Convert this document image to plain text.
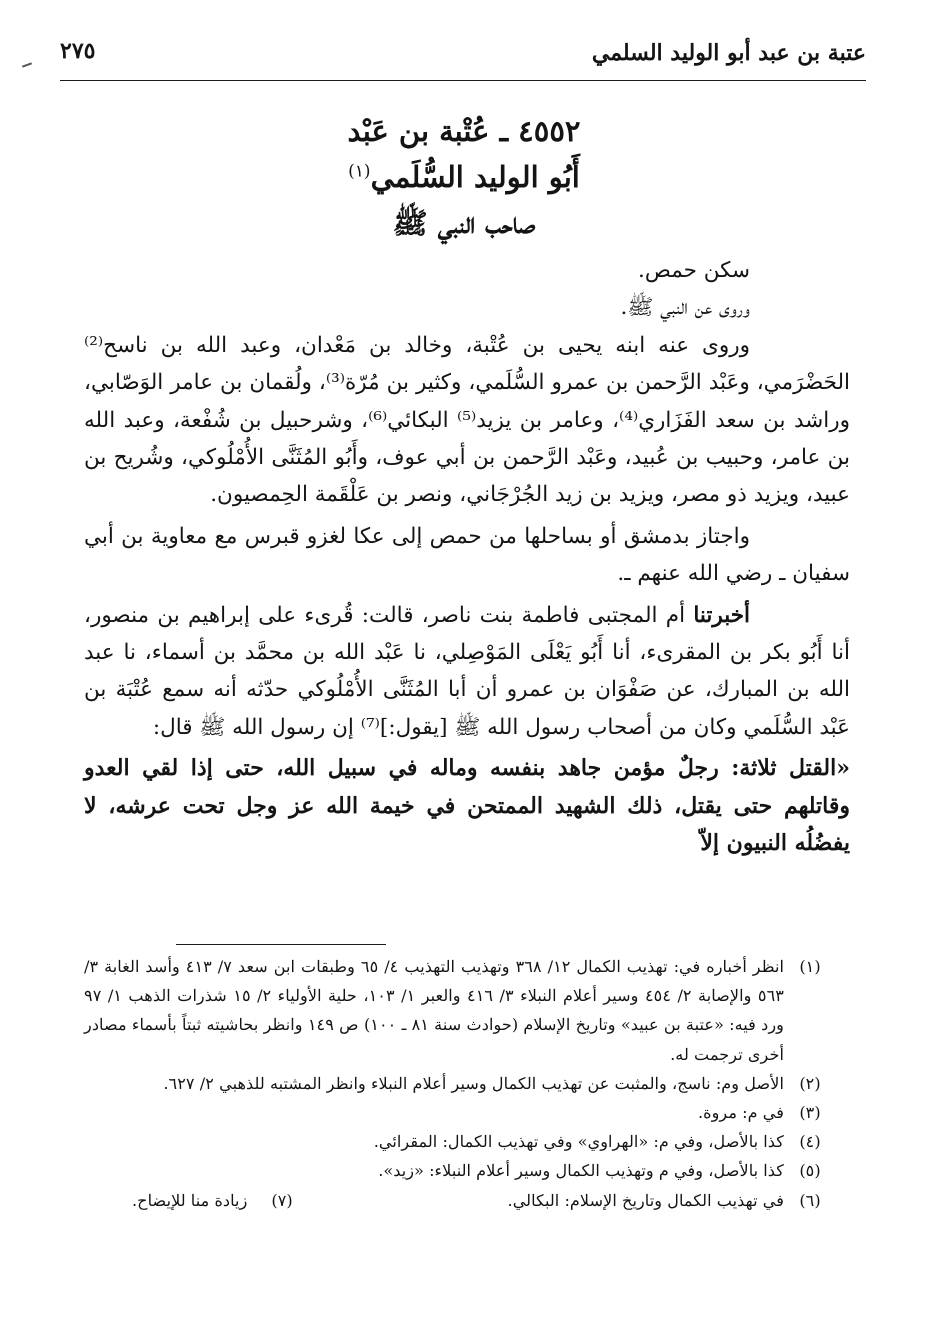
عتبة بن عبد أبو الوليد السلمي
٢٧٥
٤٥٥٢ ـ عُتْبة بن عَبْد
أَبُو الوليد السُّلَمي$^{(١)}$
صاحب النبي ﷺ

سكن حمص.

وروى عن النبي ﷺ.

وروى عنه ابنه يحيى بن عُتْبة، وخالد بن مَعْدان، وعبد الله بن ناسح⁽²⁾ الحَضْرَمي، وعَبْد الرَّحمن بن عمرو السُّلَمي، وكثير بن مُرّة⁽³⁾، ولُقمان بن عامر الوَصّابي، وراشد بن سعد الفَزَاري⁽⁴⁾، وعامر بن يزيد⁽⁵⁾ البكائي⁽⁶⁾، وشرحبيل بن شُفْعة، وعبد الله بن عامر، وحبيب بن عُبيد، وعَبْد الرَّحمن بن أبي عوف، وأَبُو المُثَنَّى الأُمْلُوكي، وشُريح بن عبيد، ويزيد ذو مصر، ويزيد بن زيد الجُرْجَاني، ونصر بن عَلْقَمة الحِمصيون.

واجتاز بدمشق أو بساحلها من حمص إلى عكا لغزو قبرس مع معاوية بن أبي سفيان ـ رضي الله عنهم ـ.

أخبرتنا أم المجتبى فاطمة بنت ناصر، قالت: قُرىء على إبراهيم بن منصور، أنا أَبُو بكر بن المقرىء، أنا أَبُو يَعْلَى المَوْصِلي، نا عَبْد الله بن محمَّد بن أسماء، نا عبد الله بن المبارك، عن صَفْوَان بن عمرو أن أبا المُثَنَّى الأُمْلُوكي حدّثه أنه سمع عُتْبَة بن عَبْد السُّلَمي وكان من أصحاب رسول الله ﷺ [يقول:]⁽⁷⁾ إن رسول الله ﷺ قال:

«القتل ثلاثة: رجلٌ مؤمن جاهد بنفسه وماله في سبيل الله، حتى إذا لقي العدو وقاتلهم حتى يقتل، ذلك الشهيد الممتحن في خيمة الله عز وجل تحت عرشه، لا يفضُلُه النبيون إلاّ

(١)
انظر أخباره في: تهذيب الكمال ١٢/ ٣٦٨ وتهذيب التهذيب ٤/ ٦٥ وطبقات ابن سعد ٧/ ٤١٣ وأسد الغابة ٣/ ٥٦٣ والإصابة ٢/ ٤٥٤ وسير أعلام النبلاء ٣/ ٤١٦ والعبر ١/ ١٠٣، حلية الأولياء ٢/ ١٥ شذرات الذهب ١/ ٩٧ ورد فيه: «عتبة بن عبيد» وتاريخ الإسلام (حوادث سنة ٨١ ـ ١٠٠) ص ١٤٩ وانظر بحاشيته ثبتاً بأسماء مصادر أخرى ترجمت له.
(٢)
الأصل وم: ناسج، والمثبت عن تهذيب الكمال وسير أعلام النبلاء وانظر المشتبه للذهبي ٢/ ٦٢٧.
(٣)
في م: مروة.
(٤)
كذا بالأصل، وفي م: «الهراوي» وفي تهذيب الكمال: المقرائي.
(٥)
كذا بالأصل، وفي م وتهذيب الكمال وسير أعلام النبلاء: «زيد».
(٦)
في تهذيب الكمال وتاريخ الإسلام: البكالي.
(٧)زيادة منا للإيضاح.
